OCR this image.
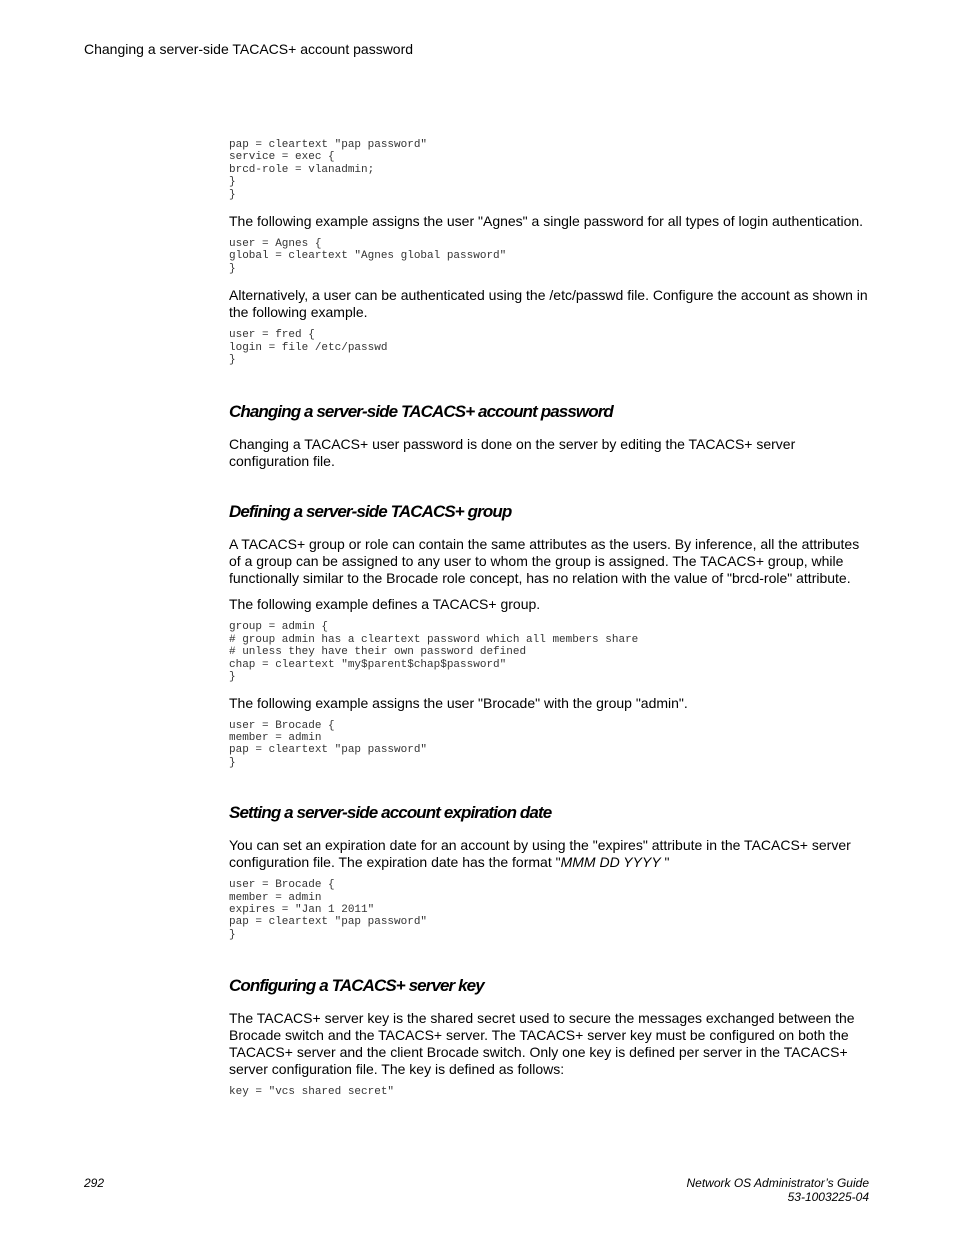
Changing a server-side TACACS+ account password
pap = cleartext "pap password"
service = exec {
brcd-role = vlanadmin;
}
}

The following example assigns the user "Agnes" a single password for all types of login authentication.

user = Agnes {
global = cleartext "Agnes global password"
}

Alternatively, a user can be authenticated using the /etc/passwd file. Configure the account as shown in the following example.

user = fred {
login = file /etc/passwd
}
Changing a server-side TACACS+ account password

Changing a TACACS+ user password is done on the server by editing the TACACS+ server configuration file.

Defining a server-side TACACS+ group

A TACACS+ group or role can contain the same attributes as the users. By inference, all the attributes of a group can be assigned to any user to whom the group is assigned. The TACACS+ group, while functionally similar to the Brocade role concept, has no relation with the value of "brcd-role" attribute.

The following example defines a TACACS+ group.

group = admin {
# group admin has a cleartext password which all members share
# unless they have their own password defined
chap = cleartext "my$parent$chap$password"
}

The following example assigns the user "Brocade" with the group "admin".

user = Brocade {
member = admin
pap = cleartext "pap password"
}
Setting a server-side account expiration date

You can set an expiration date for an account by using the "expires" attribute in the TACACS+ server configuration file. The expiration date has the format "MMM DD YYYY "

user = Brocade {
member = admin
expires = "Jan 1 2011"
pap = cleartext "pap password"
}
Configuring a TACACS+ server key

The TACACS+ server key is the shared secret used to secure the messages exchanged between the Brocade switch and the TACACS+ server. The TACACS+ server key must be configured on both the TACACS+ server and the client Brocade switch. Only one key is defined per server in the TACACS+ server configuration file. The key is defined as follows:

key = "vcs shared secret"
292	Network OS Administrator’s Guide
53-1003225-04
